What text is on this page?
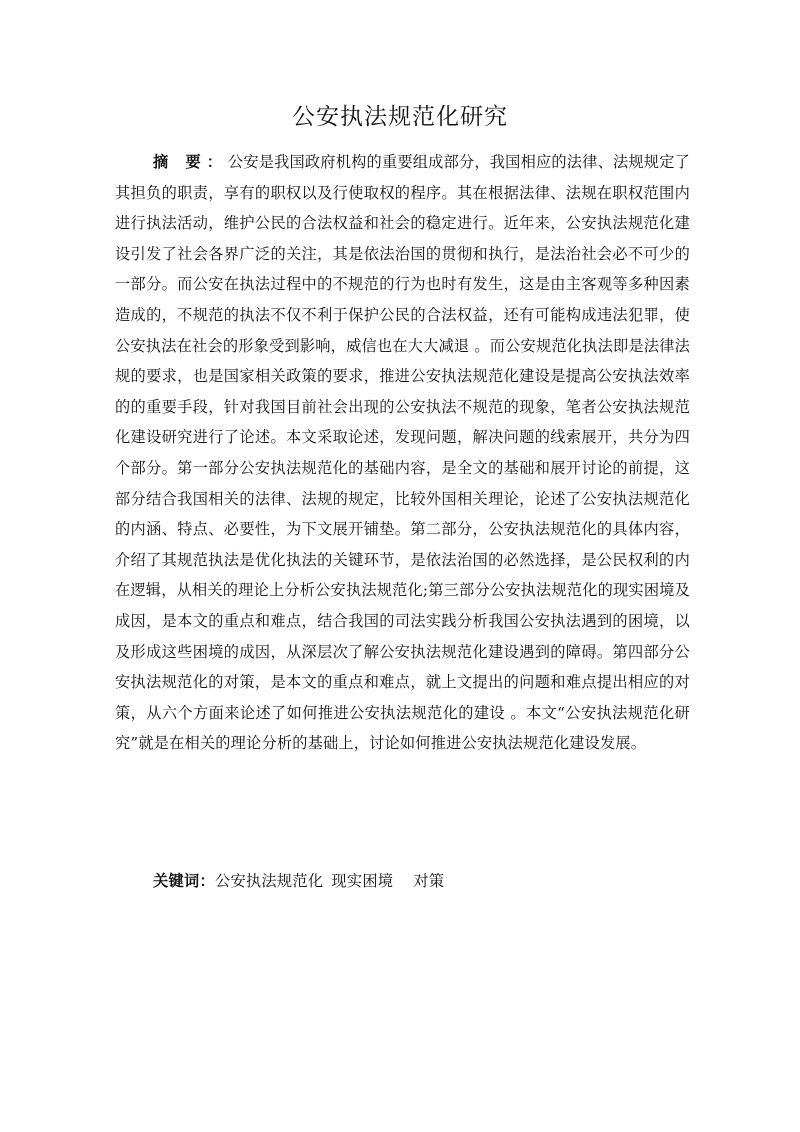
公安执法规范化研究
摘 要：公安是我国政府机构的重要组成部分，我国相应的法律、法规规定了其担负的职责，享有的职权以及行使取权的程序。其在根据法律、法规在职权范围内进行执法活动，维护公民的合法权益和社会的稳定进行。近年来，公安执法规范化建设引发了社会各界广泛的关注，其是依法治国的贯彻和执行，是法治社会必不可少的一部分。而公安在执法过程中的不规范的行为也时有发生，这是由主客观等多种因素造成的，不规范的执法不仅不利于保护公民的合法权益，还有可能构成违法犯罪，使公安执法在社会的形象受到影响，威信也在大大减退 。而公安规范化执法即是法律法规的要求，也是国家相关政策的要求，推进公安执法规范化建设是提高公安执法效率的的重要手段，针对我国目前社会出现的公安执法不规范的现象，笔者公安执法规范化建设研究进行了论述。本文采取论述，发现问题，解决问题的线索展开，共分为四个部分。第一部分公安执法规范化的基础内容，是全文的基础和展开讨论的前提，这部分结合我国相关的法律、法规的规定，比较外国相关理论，论述了公安执法规范化的内涵、特点、必要性，为下文展开铺垫。第二部分，公安执法规范化的具体内容，介绍了其规范执法是优化执法的关键环节，是依法治国的必然选择，是公民权利的内在逻辑，从相关的理论上分析公安执法规范化;第三部分公安执法规范化的现实困境及成因，是本文的重点和难点，结合我国的司法实践分析我国公安执法遇到的困境，以及形成这些困境的成因，从深层次了解公安执法规范化建设遇到的障碍。第四部分公安执法规范化的对策，是本文的重点和难点，就上文提出的问题和难点提出相应的对策，从六个方面来论述了如何推进公安执法规范化的建设 。本文“公安执法规范化研究”就是在相关的理论分析的基础上，讨论如何推进公安执法规范化建设发展。
关键词：公安执法规范化 现实困境 对策
